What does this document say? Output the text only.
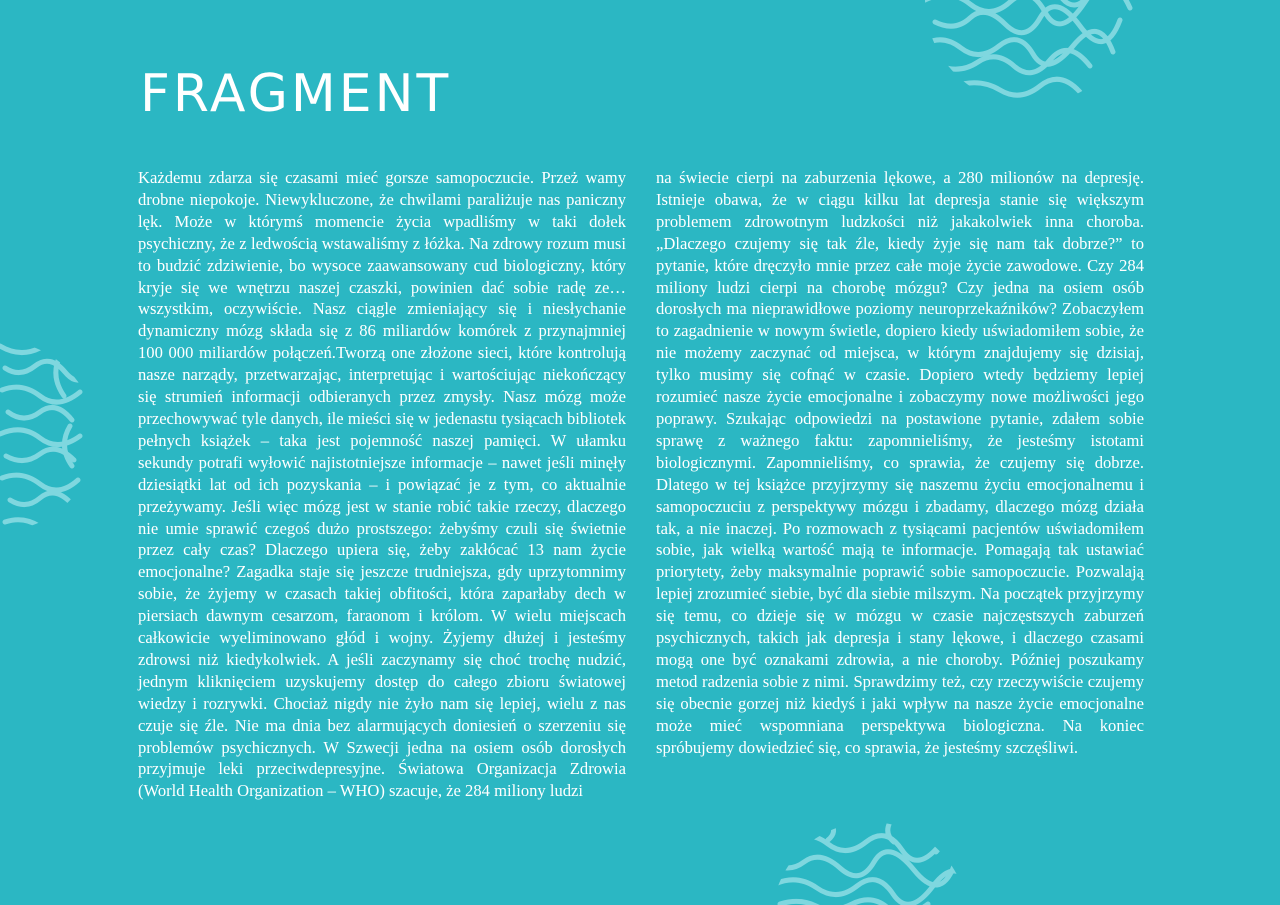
FRAGMENT

Każdemu zdarza się czasami mieć gorsze samopoczucie. Przeż wamy drobne niepokoje. Niewykluczone, że chwilami paraliżuje nas paniczny lęk. Może w którymś momencie życia wpadliśmy w taki dołek psychiczny, że z ledwością wstawaliśmy z łóżka. Na zdrowy rozum musi to budzić zdziwienie, bo wysoce zaawansowany cud biologiczny, który kryje się we wnętrzu naszej czaszki, powinien dać sobie radę ze… wszystkim, oczywiście. Nasz ciągle zmieniający się i niesłychanie dynamiczny mózg składa się z 86 miliardów komórek z przynajmniej 100 000 miliardów połączeń.Tworzą one złożone sieci, które kontrolują nasze narządy, przetwarzając, interpretując i wartościując niekończący się strumień informacji odbieranych przez zmysły. Nasz mózg może przechowywać tyle danych, ile mieści się w jedenastu tysiącach bibliotek pełnych książek – taka jest pojemność naszej pamięci. W ułamku sekundy potrafi wyłowić najistotniejsze informacje – nawet jeśli minęły dziesiątki lat od ich pozyskania – i powiązać je z tym, co aktualnie przeżywamy. Jeśli więc mózg jest w stanie robić takie rzeczy, dlaczego nie umie sprawić czegoś dużo prostszego: żebyśmy czuli się świetnie przez cały czas? Dlaczego upiera się, żeby zakłócać 13 nam życie emocjonalne? Zagadka staje się jeszcze trudniejsza, gdy uprzytomnimy sobie, że żyjemy w czasach takiej obfitości, która zaparłaby dech w piersiach dawnym cesarzom, faraonom i królom. W wielu miejscach całkowicie wyeliminowano głód i wojny. Żyjemy dłużej i jesteśmy zdrowsi niż kiedykolwiek. A jeśli zaczynamy się choć trochę nudzić, jednym kliknięciem uzyskujemy dostęp do całego zbioru światowej wiedzy i rozrywki. Chociaż nigdy nie żyło nam się lepiej, wielu z nas czuje się źle. Nie ma dnia bez alarmujących doniesień o szerzeniu się problemów psychicznych. W Szwecji jedna na osiem osób dorosłych przyjmuje leki przeciwdepresyjne. Światowa Organizacja Zdrowia (World Health Organization – WHO) szacuje, że 284 miliony ludzi

na świecie cierpi na zaburzenia lękowe, a 280 milionów na depresję. Istnieje obawa, że w ciągu kilku lat depresja stanie się większym problemem zdrowotnym ludzkości niż jakakolwiek inna choroba. „Dlaczego czujemy się tak źle, kiedy żyje się nam tak dobrze?” to pytanie, które dręczyło mnie przez całe moje życie zawodowe. Czy 284 miliony ludzi cierpi na chorobę mózgu? Czy jedna na osiem osób dorosłych ma nieprawidłowe poziomy neuroprzekaźników? Zobaczyłem to zagadnienie w nowym świetle, dopiero kiedy uświadomiłem sobie, że nie możemy zaczynać od miejsca, w którym znajdujemy się dzisiaj, tylko musimy się cofnąć w czasie. Dopiero wtedy będziemy lepiej rozumieć nasze życie emocjonalne i zobaczymy nowe możliwości jego poprawy. Szukając odpowiedzi na postawione pytanie, zdałem sobie sprawę z ważnego faktu: zapomnieliśmy, że jesteśmy istotami biologicznymi. Zapomnieliśmy, co sprawia, że czujemy się dobrze. Dlatego w tej książce przyjrzymy się naszemu życiu emocjonalnemu i samopoczuciu z perspektywy mózgu i zbadamy, dlaczego mózg działa tak, a nie inaczej. Po rozmowach z tysiącami pacjentów uświadomiłem sobie, jak wielką wartość mają te informacje. Pomagają tak ustawiać priorytety, żeby maksymalnie poprawić sobie samopoczucie. Pozwalają lepiej zrozumieć siebie, być dla siebie milszym. Na początek przyjrzymy się temu, co dzieje się w mózgu w czasie najczęstszych zaburzeń psychicznych, takich jak depresja i stany lękowe, i dlaczego czasami mogą one być oznakami zdrowia, a nie choroby. Później poszukamy metod radzenia sobie z nimi. Sprawdzimy też, czy rzeczywiście czujemy się obecnie gorzej niż kiedyś i jaki wpływ na nasze życie emocjonalne może mieć wspomniana perspektywa biologiczna. Na koniec spróbujemy dowiedzieć się, co sprawia, że jesteśmy szczęśliwi.
